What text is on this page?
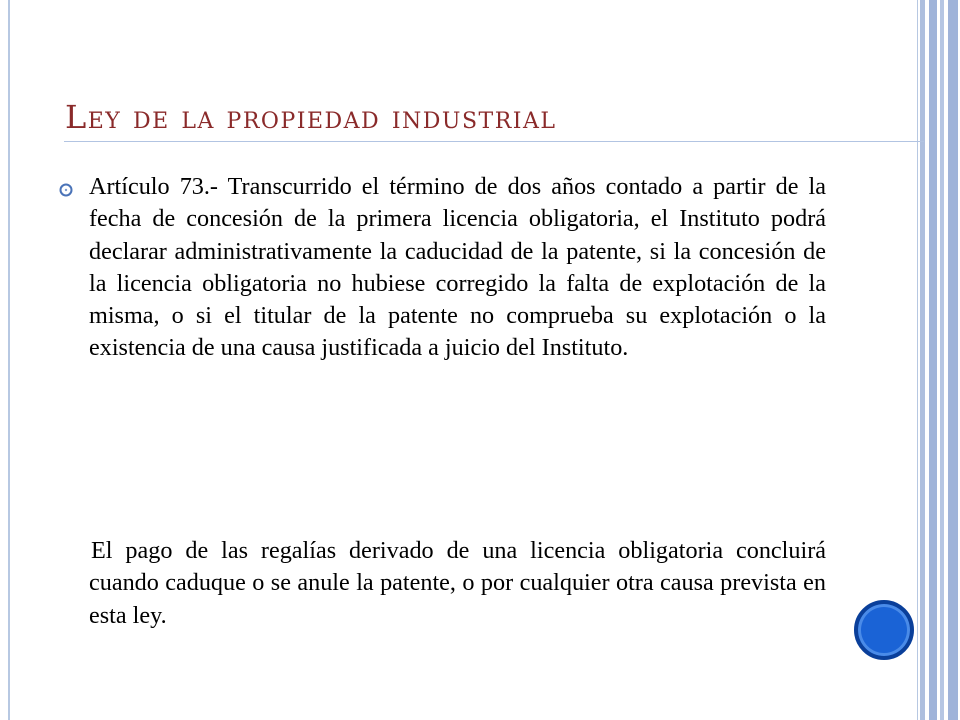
Ley de la propiedad industrial

Artículo 73.- Transcurrido el término de dos años contado a partir de la fecha de concesión de la primera licencia obligatoria, el Instituto podrá declarar administrativamente la caducidad de la patente, si la concesión de la licencia obligatoria no hubiese corregido la falta de explotación de la misma, o si el titular de la patente no comprueba su explotación o la existencia de una causa justificada a juicio del Instituto.

El pago de las regalías derivado de una licencia obligatoria concluirá cuando caduque o se anule la patente, o por cualquier otra causa prevista en esta ley.
